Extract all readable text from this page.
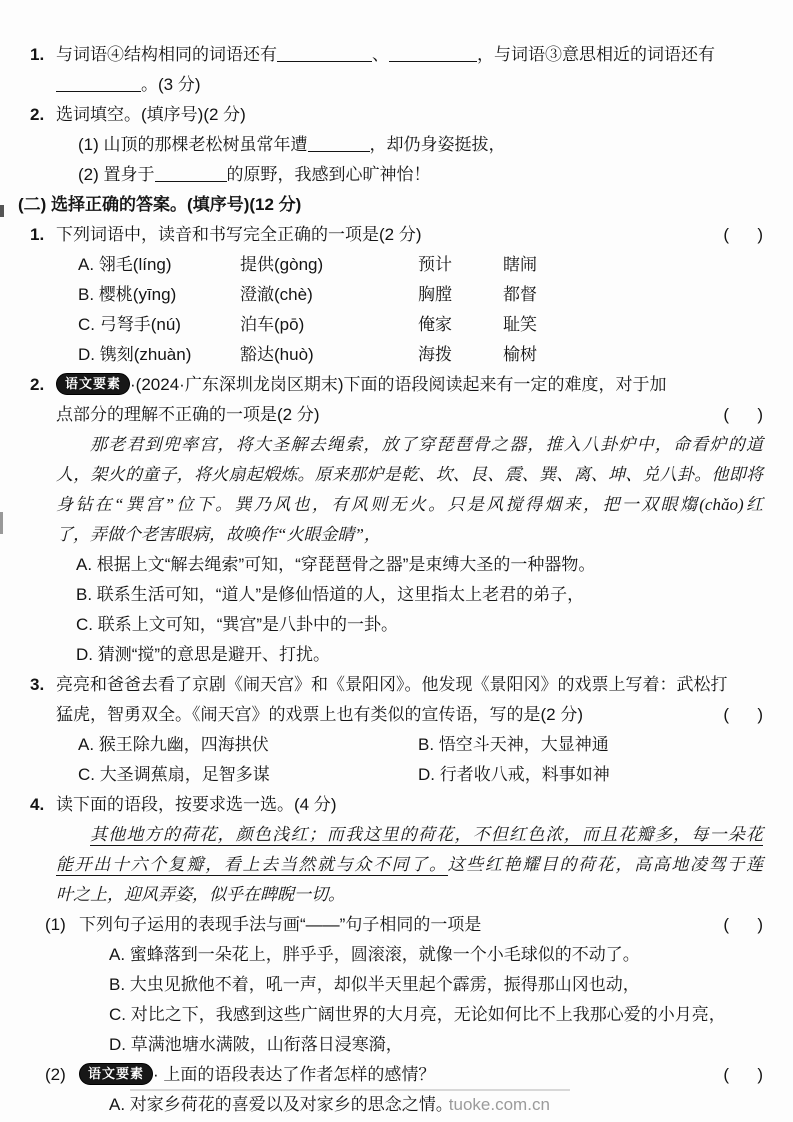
1. 与词语④结构相同的词语还有	、	，与词语③意思相近的词语还有
。(3 分)
2. 选词填空。(填序号)(2 分)
(1) 山顶的那棵老松树虽常年遭	，却仍身姿挺拔，
(2) 置身于	的原野，我感到心旷神怡！
(二) 选择正确的答案。(填序号)(12 分)
1. 下列词语中，读音和书写完全正确的一项是(2 分)	(      )
A. 翎毛(líng)	提供(gòng)	预计	瞎闹
B. 樱桃(yīng)	澄澈(chè)	胸膛	都督
C. 弓弩手(nú)	泊车(pō)	俺家	耻笑
D. 镌刻(zhuàn)	豁达(huò)	海拨	榆树
2.	语文要素 ·(2024·广东深圳龙岗区期末)下面的语段阅读起来有一定的难度，对于加
点部分的理解不正确的一项是(2 分)	(      )
那老君到兜率宫，将大圣解去绳索，放了穿琵琶骨之器，推入八卦炉中，命看炉的道
人，架火的童子，将火扇起煅炼。原来那炉是乾、坎、艮、震、巽、离、坤、兑八卦。他即将
身钻在“巽宫”位下。巽乃风也，有风则无火。只是风搅得烟来，把一双眼煼(chǎo)红
了，弄做个老害眼病，故唤作“火眼金睛”，
A. 根据上文“解去绳索”可知，“穿琵琶骨之器”是束缚大圣的一种器物。
B. 联系生活可知，“道人”是修仙悟道的人，这里指太上老君的弟子，
C. 联系上文可知，“巽宫”是八卦中的一卦。
D. 猜测“搅”的意思是避开、打扰。
3. 亮亮和爸爸去看了京剧《闹天宫》和《景阳冈》。他发现《景阳冈》的戏票上写着：武松打
猛虎，智勇双全。《闹天宫》的戏票上也有类似的宣传语，写的是(2 分)	(      )
A. 猴王除九幽，四海拱伏	B. 悟空斗天神，大显神通
C. 大圣调蕉扇，足智多谋	D. 行者收八戒，料事如神
4. 读下面的语段，按要求选一选。(4 分)
其他地方的荷花，颜色浅红；而我这里的荷花，不但红色浓，而且花瓣多，每一朵花
能开出十六个复瓣，看上去当然就与众不同了。这些红艳耀目的荷花，高高地凌驾于莲
叶之上，迎风弄姿，似乎在睥睨一切。
(1) 下列句子运用的表现手法与画“——”句子相同的一项是	(      )
A. 蜜蜂落到一朵花上，胖乎乎，圆滚滚，就像一个小毛球似的不动了。
B. 大虫见掀他不着，吼一声，却似半天里起个霹雳，振得那山冈也动，
C. 对比之下，我感到这些广阔世界的大月亮，无论如何比不上我那心爱的小月亮，
D. 草满池塘水满陂，山衔落日浸寒漪，
(2)	语文要素 · 上面的语段表达了作者怎样的感情？	(      )
A. 对家乡荷花的喜爱以及对家乡的思念之情。tuoke.com.cn
